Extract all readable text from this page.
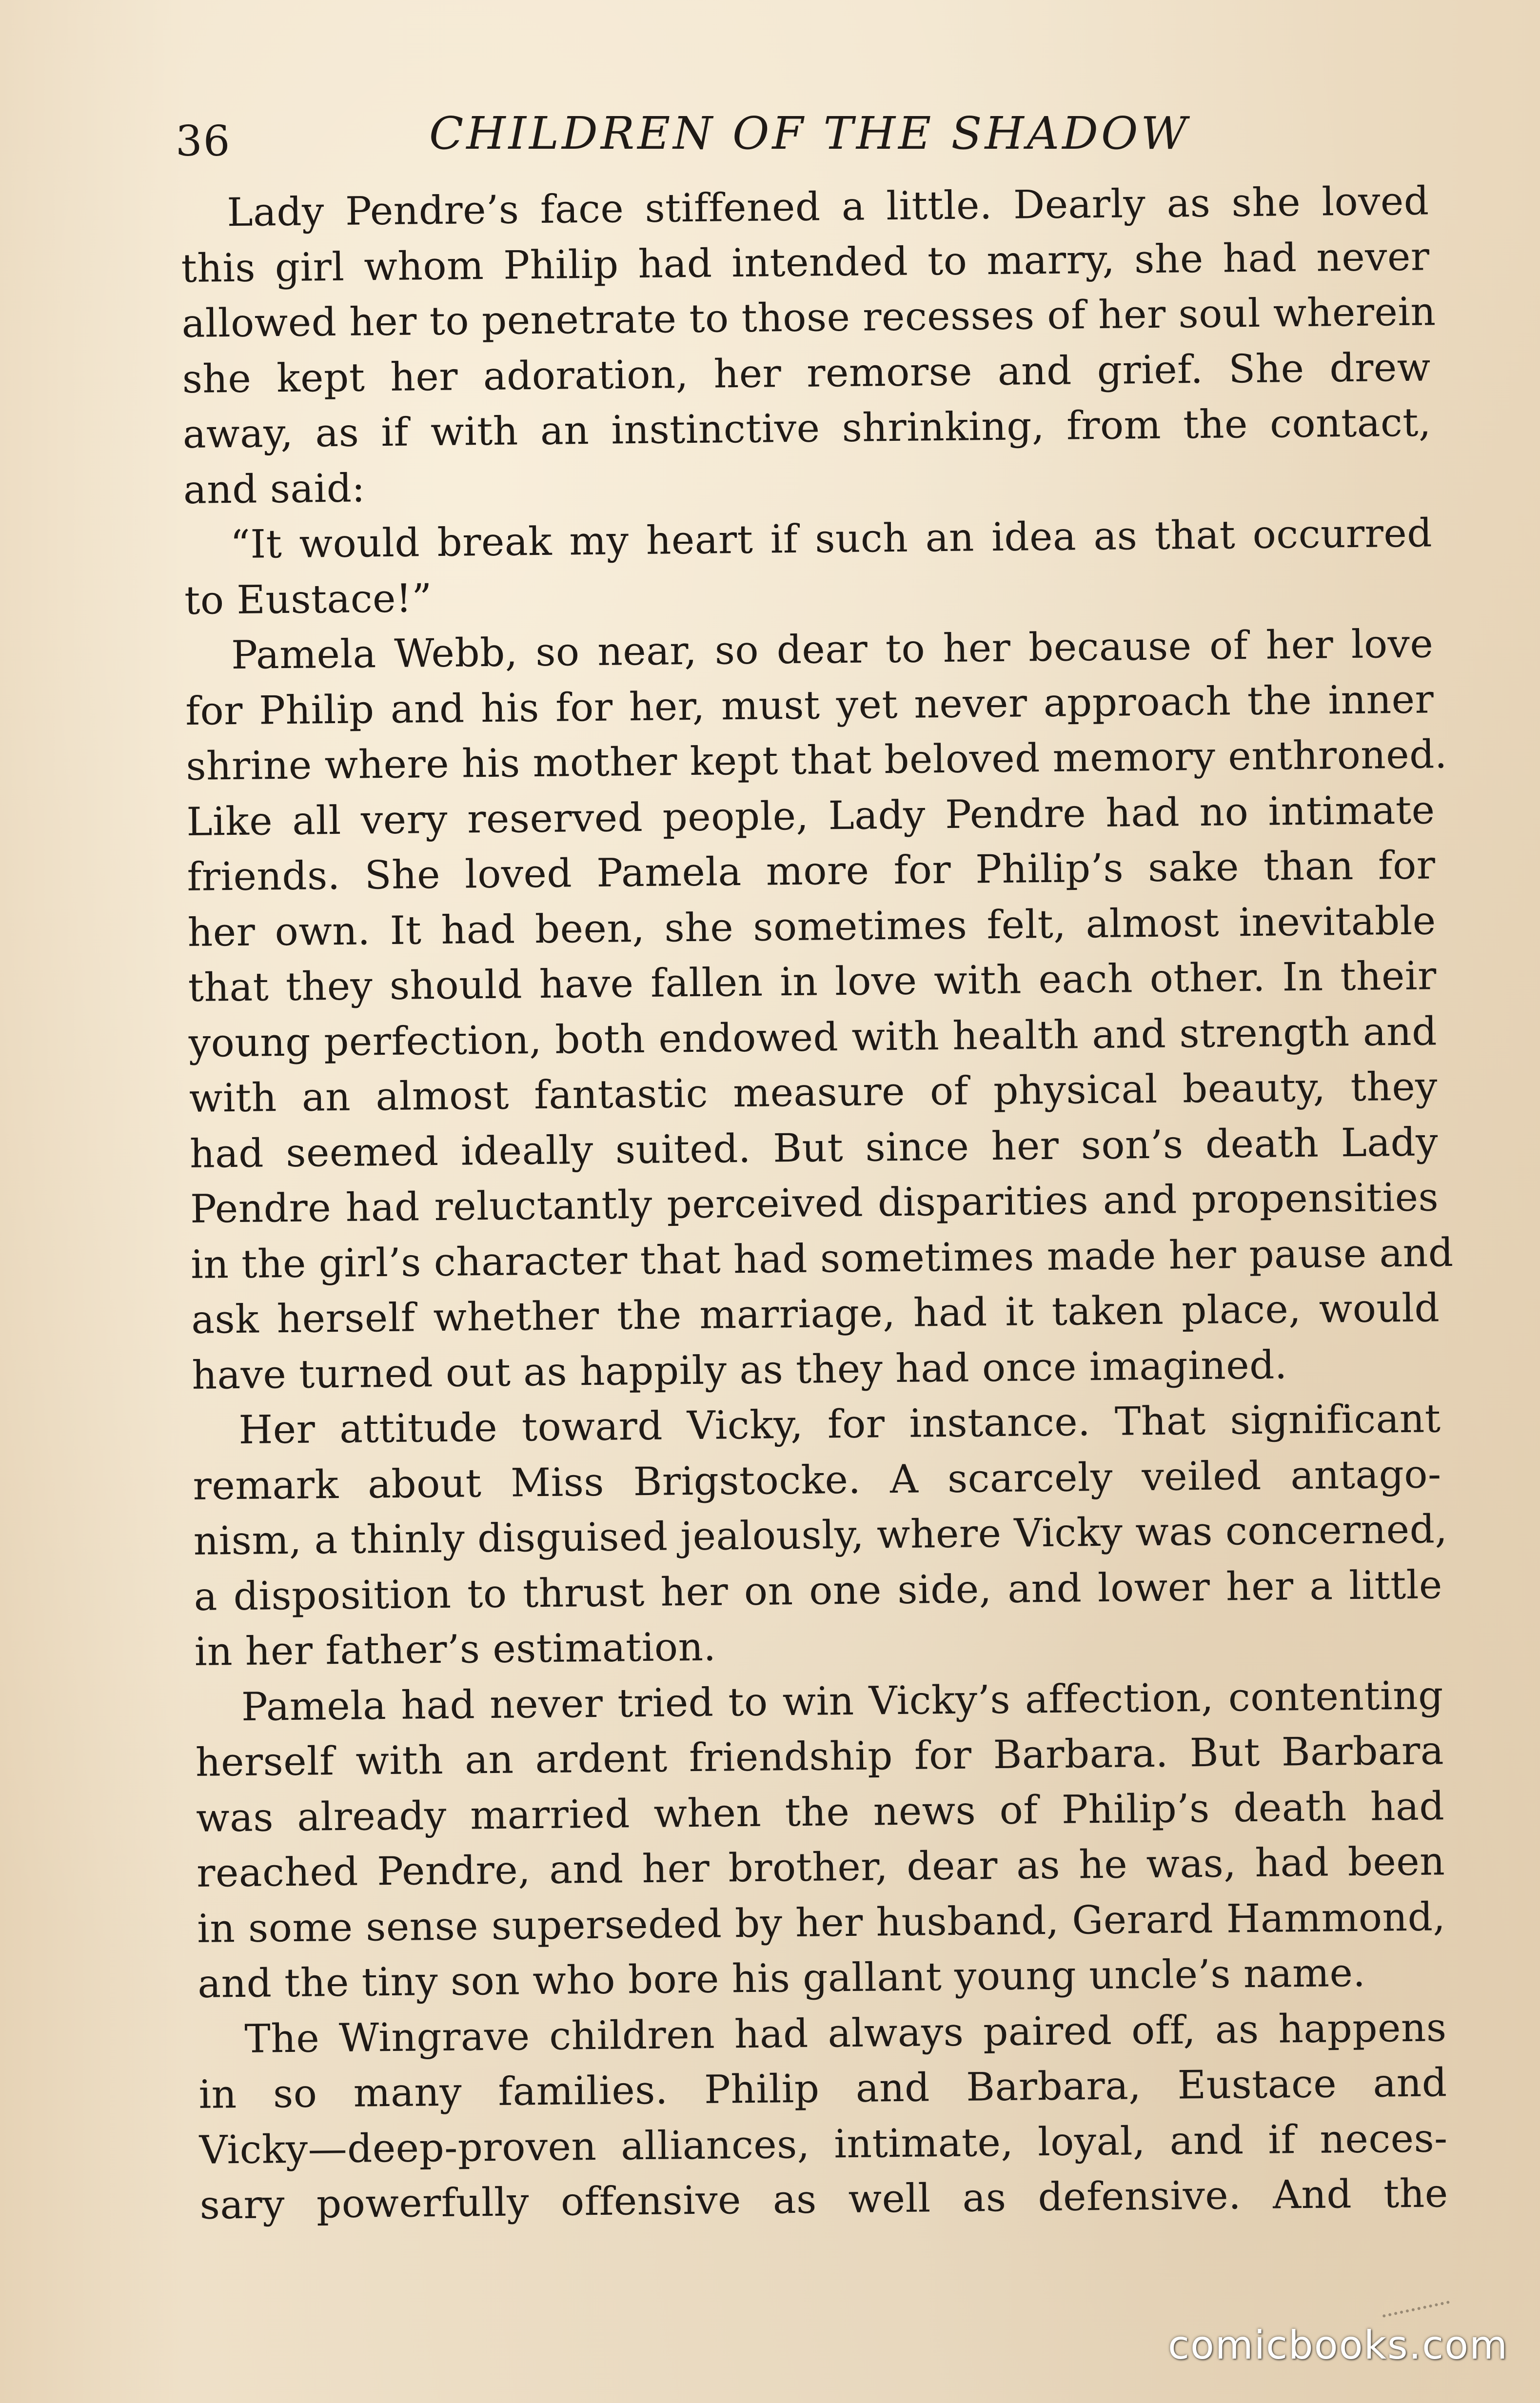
36	CHILDREN OF THE SHADOW
Lady Pendre’s face stiffened a little. Dearly as she loved
this girl whom Philip had intended to marry, she had never
allowed her to penetrate to those recesses of her soul wherein
she kept her adoration, her remorse and grief. She drew
away, as if with an instinctive shrinking, from the contact,
and said:
“It would break my heart if such an idea as that occurred
to Eustace!”
Pamela Webb, so near, so dear to her because of her love
for Philip and his for her, must yet never approach the inner
shrine where his mother kept that beloved memory enthroned.
Like all very reserved people, Lady Pendre had no intimate
friends. She loved Pamela more for Philip’s sake than for
her own. It had been, she sometimes felt, almost inevitable
that they should have fallen in love with each other. In their
young perfection, both endowed with health and strength and
with an almost fantastic measure of physical beauty, they
had seemed ideally suited. But since her son’s death Lady
Pendre had reluctantly perceived disparities and propensities
in the girl’s character that had sometimes made her pause and
ask herself whether the marriage, had it taken place, would
have turned out as happily as they had once imagined.
Her attitude toward Vicky, for instance. That significant
remark about Miss Brigstocke. A scarcely veiled antago-
nism, a thinly disguised jealously, where Vicky was concerned,
a disposition to thrust her on one side, and lower her a little
in her father’s estimation.
Pamela had never tried to win Vicky’s affection, contenting
herself with an ardent friendship for Barbara. But Barbara
was already married when the news of Philip’s death had
reached Pendre, and her brother, dear as he was, had been
in some sense superseded by her husband, Gerard Hammond,
and the tiny son who bore his gallant young uncle’s name.
The Wingrave children had always paired off, as happens
in so many families. Philip and Barbara, Eustace and
Vicky—deep-proven alliances, intimate, loyal, and if neces-
sary powerfully offensive as well as defensive. And the
comicbooks.com
